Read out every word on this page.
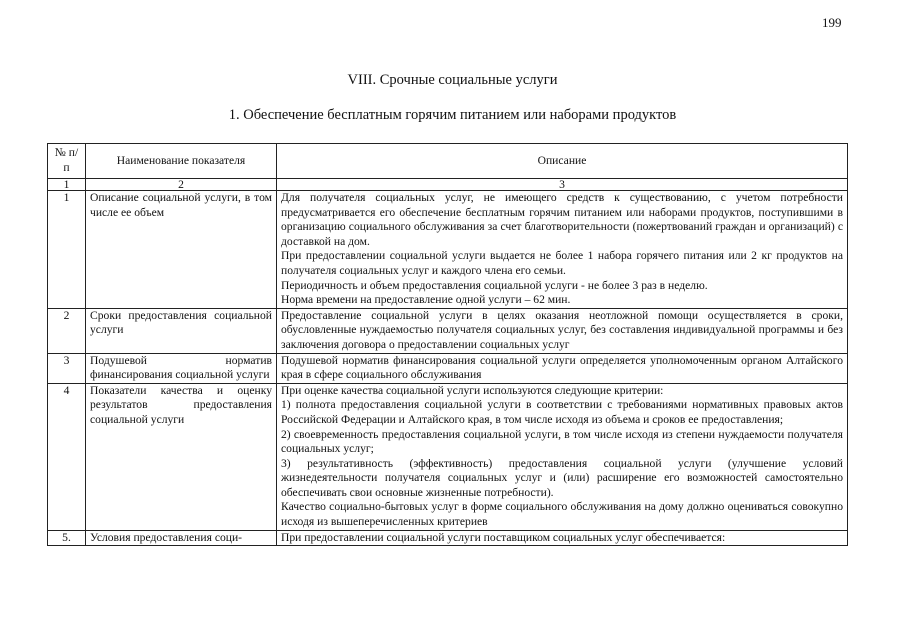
199
VIII. Срочные социальные услуги
1. Обеспечение бесплатным горячим питанием или наборами продуктов
№ п/п	Наименование показателя	Описание
1	2	3
1	Описание социальной услуги, в том числе ее объем	Для получателя социальных услуг, не имеющего средств к существованию, с учетом потребности предусматривается его обеспечение бесплатным горячим питанием или наборами продуктов, поступившими в организацию социального обслуживания за счет благотворительности (пожертвований граждан и организаций) с доставкой на дом.

При предоставлении социальной услуги выдается не более 1 набора горячего питания или 2 кг продуктов на получателя социальных услуг и каждого члена его семьи.

Периодичность и объем предоставления социальной услуги - не более 3 раз в неделю.

Норма времени на предоставление одной услуги – 62 мин.

2	Сроки предоставления социальной услуги	Предоставление социальной услуги в целях оказания неотложной помощи осуществляется в сроки, обусловленные нуждаемостью получателя социальных услуг, без составления индивидуальной программы и без заключения договора о предоставлении социальных услуг

3	Подушевой норматив финансирования социальной услуги	Подушевой норматив финансирования социальной услуги определяется уполномоченным органом Алтайского края в сфере социального обслуживания

4	Показатели качества и оценку результатов предоставления социальной услуги	При оценке качества социальной услуги используются следующие критерии:

1) полнота предоставления социальной услуги в соответствии с требованиями нормативных правовых актов Российской Федерации и Алтайского края, в том числе исходя из объема и сроков ее предоставления;

2) своевременность предоставления социальной услуги, в том числе исходя из степени нуждаемости получателя социальных услуг;

3) результативность (эффективность) предоставления социальной услуги (улучшение условий жизнедеятельности получателя социальных услуг и (или) расширение его возможностей самостоятельно обеспечивать свои основные жизненные потребности).

Качество социально-бытовых услуг в форме социального обслуживания на дому должно оцениваться совокупно исходя из вышеперечисленных критериев

5.	Условия предоставления соци-	При предоставлении социальной услуги поставщиком социальных услуг обеспечивается:
